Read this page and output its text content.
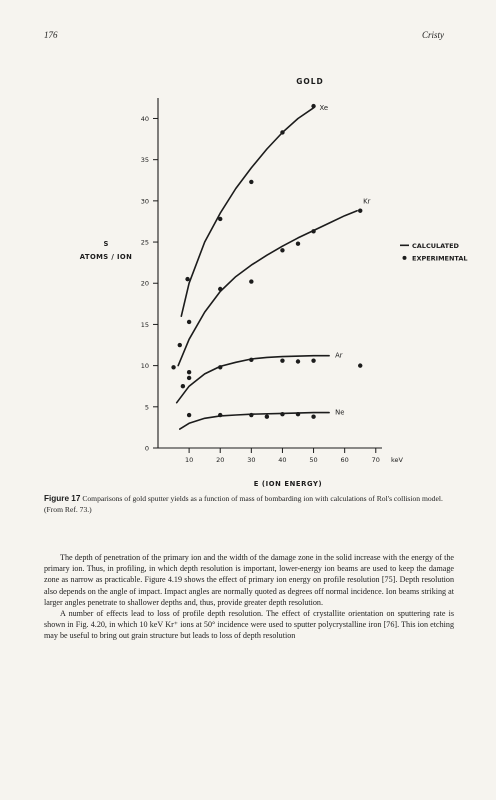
176	Cristy
GOLD
0
5
10
15
20
25
30
35
40
10	20	30	40	50	60	70 keV
E (ION ENERGY)
S
ATOMS / ION
Xe
Kr
Ar
Ne
CALCULATED
EXPERIMENTAL
Figure 17 Comparisons of gold sputter yields as a function of mass of bombarding ion with calculations of Rol's collision model. (From Ref. 73.)

The depth of penetration of the primary ion and the width of the damage zone in the solid increase with the energy of the primary ion. Thus, in profiling, in which depth resolution is important, lower-energy ion beams are used to keep the damage zone as narrow as practicable. Figure 4.19 shows the effect of primary ion energy on profile resolution [75]. Depth resolution also depends on the angle of impact. Impact angles are normally quoted as degrees off normal incidence. Ion beams striking at larger angles penetrate to shallower depths and, thus, provide greater depth resolution.

A number of effects lead to loss of profile depth resolution. The effect of crystallite orientation on sputtering rate is shown in Fig. 4.20, in which 10 keV Kr⁺ ions at 50° incidence were used to sputter polycrystalline iron [76]. This ion etching may be useful to bring out grain structure but leads to loss of depth resolution
